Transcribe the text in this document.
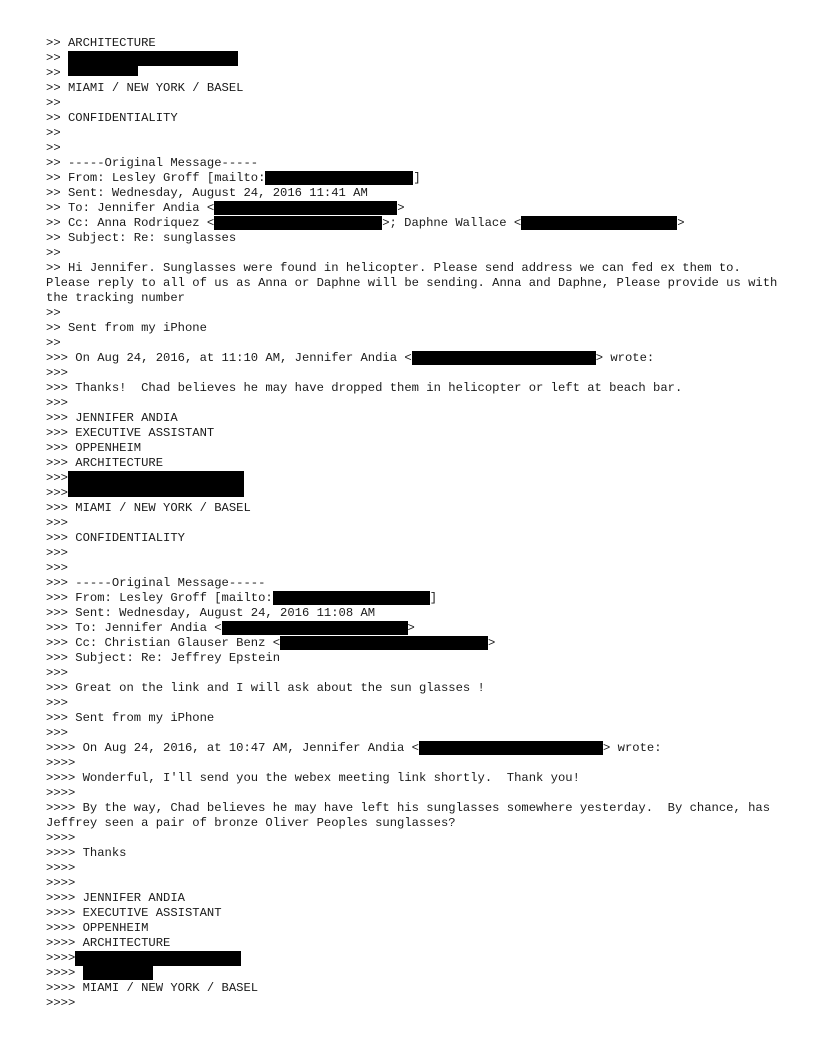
>> ARCHITECTURE
>>
>>
>> MIAMI / NEW YORK / BASEL
>>
>> CONFIDENTIALITY
>>
>>
>> -----Original Message-----
>> From: Lesley Groff [mailto:	]
>> Sent: Wednesday, August 24, 2016 11:41 AM
>> To: Jennifer Andia <	>
>> Cc: Anna Rodriquez <	>; Daphne Wallace <	>
>> Subject: Re: sunglasses
>>
>> Hi Jennifer. Sunglasses were found in helicopter. Please send address we can fed ex them to. Please reply to all of us as Anna or Daphne will be sending. Anna and Daphne, Please provide us with the tracking number
>>
>> Sent from my iPhone
>>
>>> On Aug 24, 2016, at 11:10 AM, Jennifer Andia <	> wrote:
>>>
>>> Thanks!  Chad believes he may have dropped them in helicopter or left at beach bar.
>>>
>>> JENNIFER ANDIA
>>> EXECUTIVE ASSISTANT
>>> OPPENHEIM
>>> ARCHITECTURE
>>>
>>>
>>> MIAMI / NEW YORK / BASEL
>>>
>>> CONFIDENTIALITY
>>>
>>>
>>> -----Original Message-----
>>> From: Lesley Groff [mailto:	]
>>> Sent: Wednesday, August 24, 2016 11:08 AM
>>> To: Jennifer Andia <	>
>>> Cc: Christian Glauser Benz <	>
>>> Subject: Re: Jeffrey Epstein
>>>
>>> Great on the link and I will ask about the sun glasses !
>>>
>>> Sent from my iPhone
>>>
>>>> On Aug 24, 2016, at 10:47 AM, Jennifer Andia <	> wrote:
>>>>
>>>> Wonderful, I'll send you the webex meeting link shortly.  Thank you!
>>>>
>>>> By the way, Chad believes he may have left his sunglasses somewhere yesterday.  By chance, has Jeffrey seen a pair of bronze Oliver Peoples sunglasses?
>>>>
>>>> Thanks
>>>>
>>>>
>>>> JENNIFER ANDIA
>>>> EXECUTIVE ASSISTANT
>>>> OPPENHEIM
>>>> ARCHITECTURE
>>>>
>>>>
>>>> MIAMI / NEW YORK / BASEL
>>>>
